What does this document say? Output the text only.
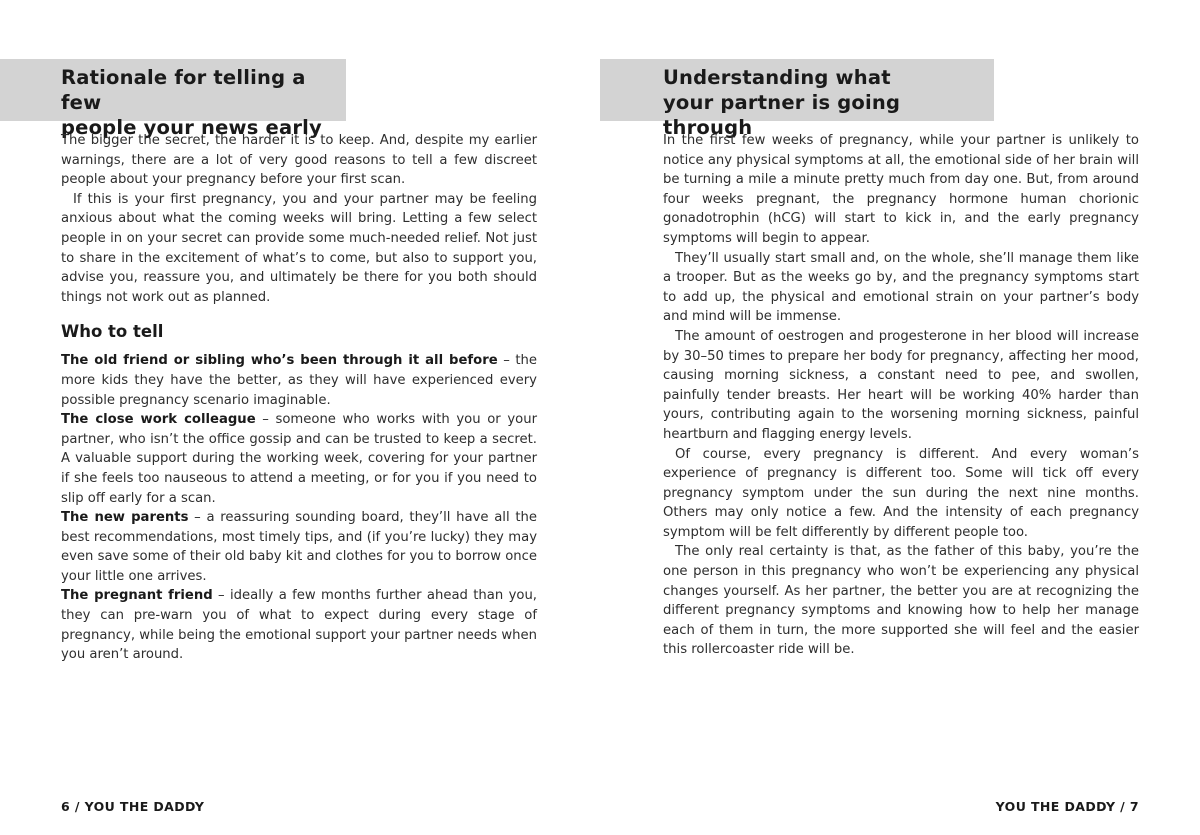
Rationale for telling a few
people your news early

The bigger the secret, the harder it is to keep. And, despite my earlier warnings, there are a lot of very good reasons to tell a few discreet people about your pregnancy before your first scan.

If this is your first pregnancy, you and your partner may be feeling anxious about what the coming weeks will bring. Letting a few select people in on your secret can provide some much-needed relief. Not just to share in the excitement of what’s to come, but also to support you, advise you, reassure you, and ultimately be there for you both should things not work out as planned.

Who to tell

The old friend or sibling who’s been through it all before – the more kids they have the better, as they will have experienced every possible pregnancy scenario imaginable.

The close work colleague – someone who works with you or your partner, who isn’t the office gossip and can be trusted to keep a secret. A valuable support during the working week, covering for your partner if she feels too nauseous to attend a meeting, or for you if you need to slip off early for a scan.

The new parents – a reassuring sounding board, they’ll have all the best recommendations, most timely tips, and (if you’re lucky) they may even save some of their old baby kit and clothes for you to borrow once your little one arrives.

The pregnant friend – ideally a few months further ahead than you, they can pre-warn you of what to expect during every stage of pregnancy, while being the emotional support your partner needs when you aren’t around.

6 / YOU THE DADDY
Understanding what
your partner is going through

In the first few weeks of pregnancy, while your partner is unlikely to notice any physical symptoms at all, the emotional side of her brain will be turning a mile a minute pretty much from day one. But, from around four weeks pregnant, the pregnancy hormone human chorionic gonadotrophin (hCG) will start to kick in, and the early pregnancy symptoms will begin to appear.

They’ll usually start small and, on the whole, she’ll manage them like a trooper. But as the weeks go by, and the pregnancy symptoms start to add up, the physical and emotional strain on your partner’s body and mind will be immense.

The amount of oestrogen and progesterone in her blood will increase by 30–50 times to prepare her body for pregnancy, affecting her mood, causing morning sickness, a constant need to pee, and swollen, painfully tender breasts. Her heart will be working 40% harder than yours, contributing again to the worsening morning sickness, painful heartburn and flagging energy levels.

Of course, every pregnancy is different. And every woman’s experience of pregnancy is different too. Some will tick off every pregnancy symptom under the sun during the next nine months. Others may only notice a few. And the intensity of each pregnancy symptom will be felt differently by different people too.

The only real certainty is that, as the father of this baby, you’re the one person in this pregnancy who won’t be experiencing any physical changes yourself. As her partner, the better you are at recognizing the different pregnancy symptoms and knowing how to help her manage each of them in turn, the more supported she will feel and the easier this rollercoaster ride will be.

YOU THE DADDY / 7
